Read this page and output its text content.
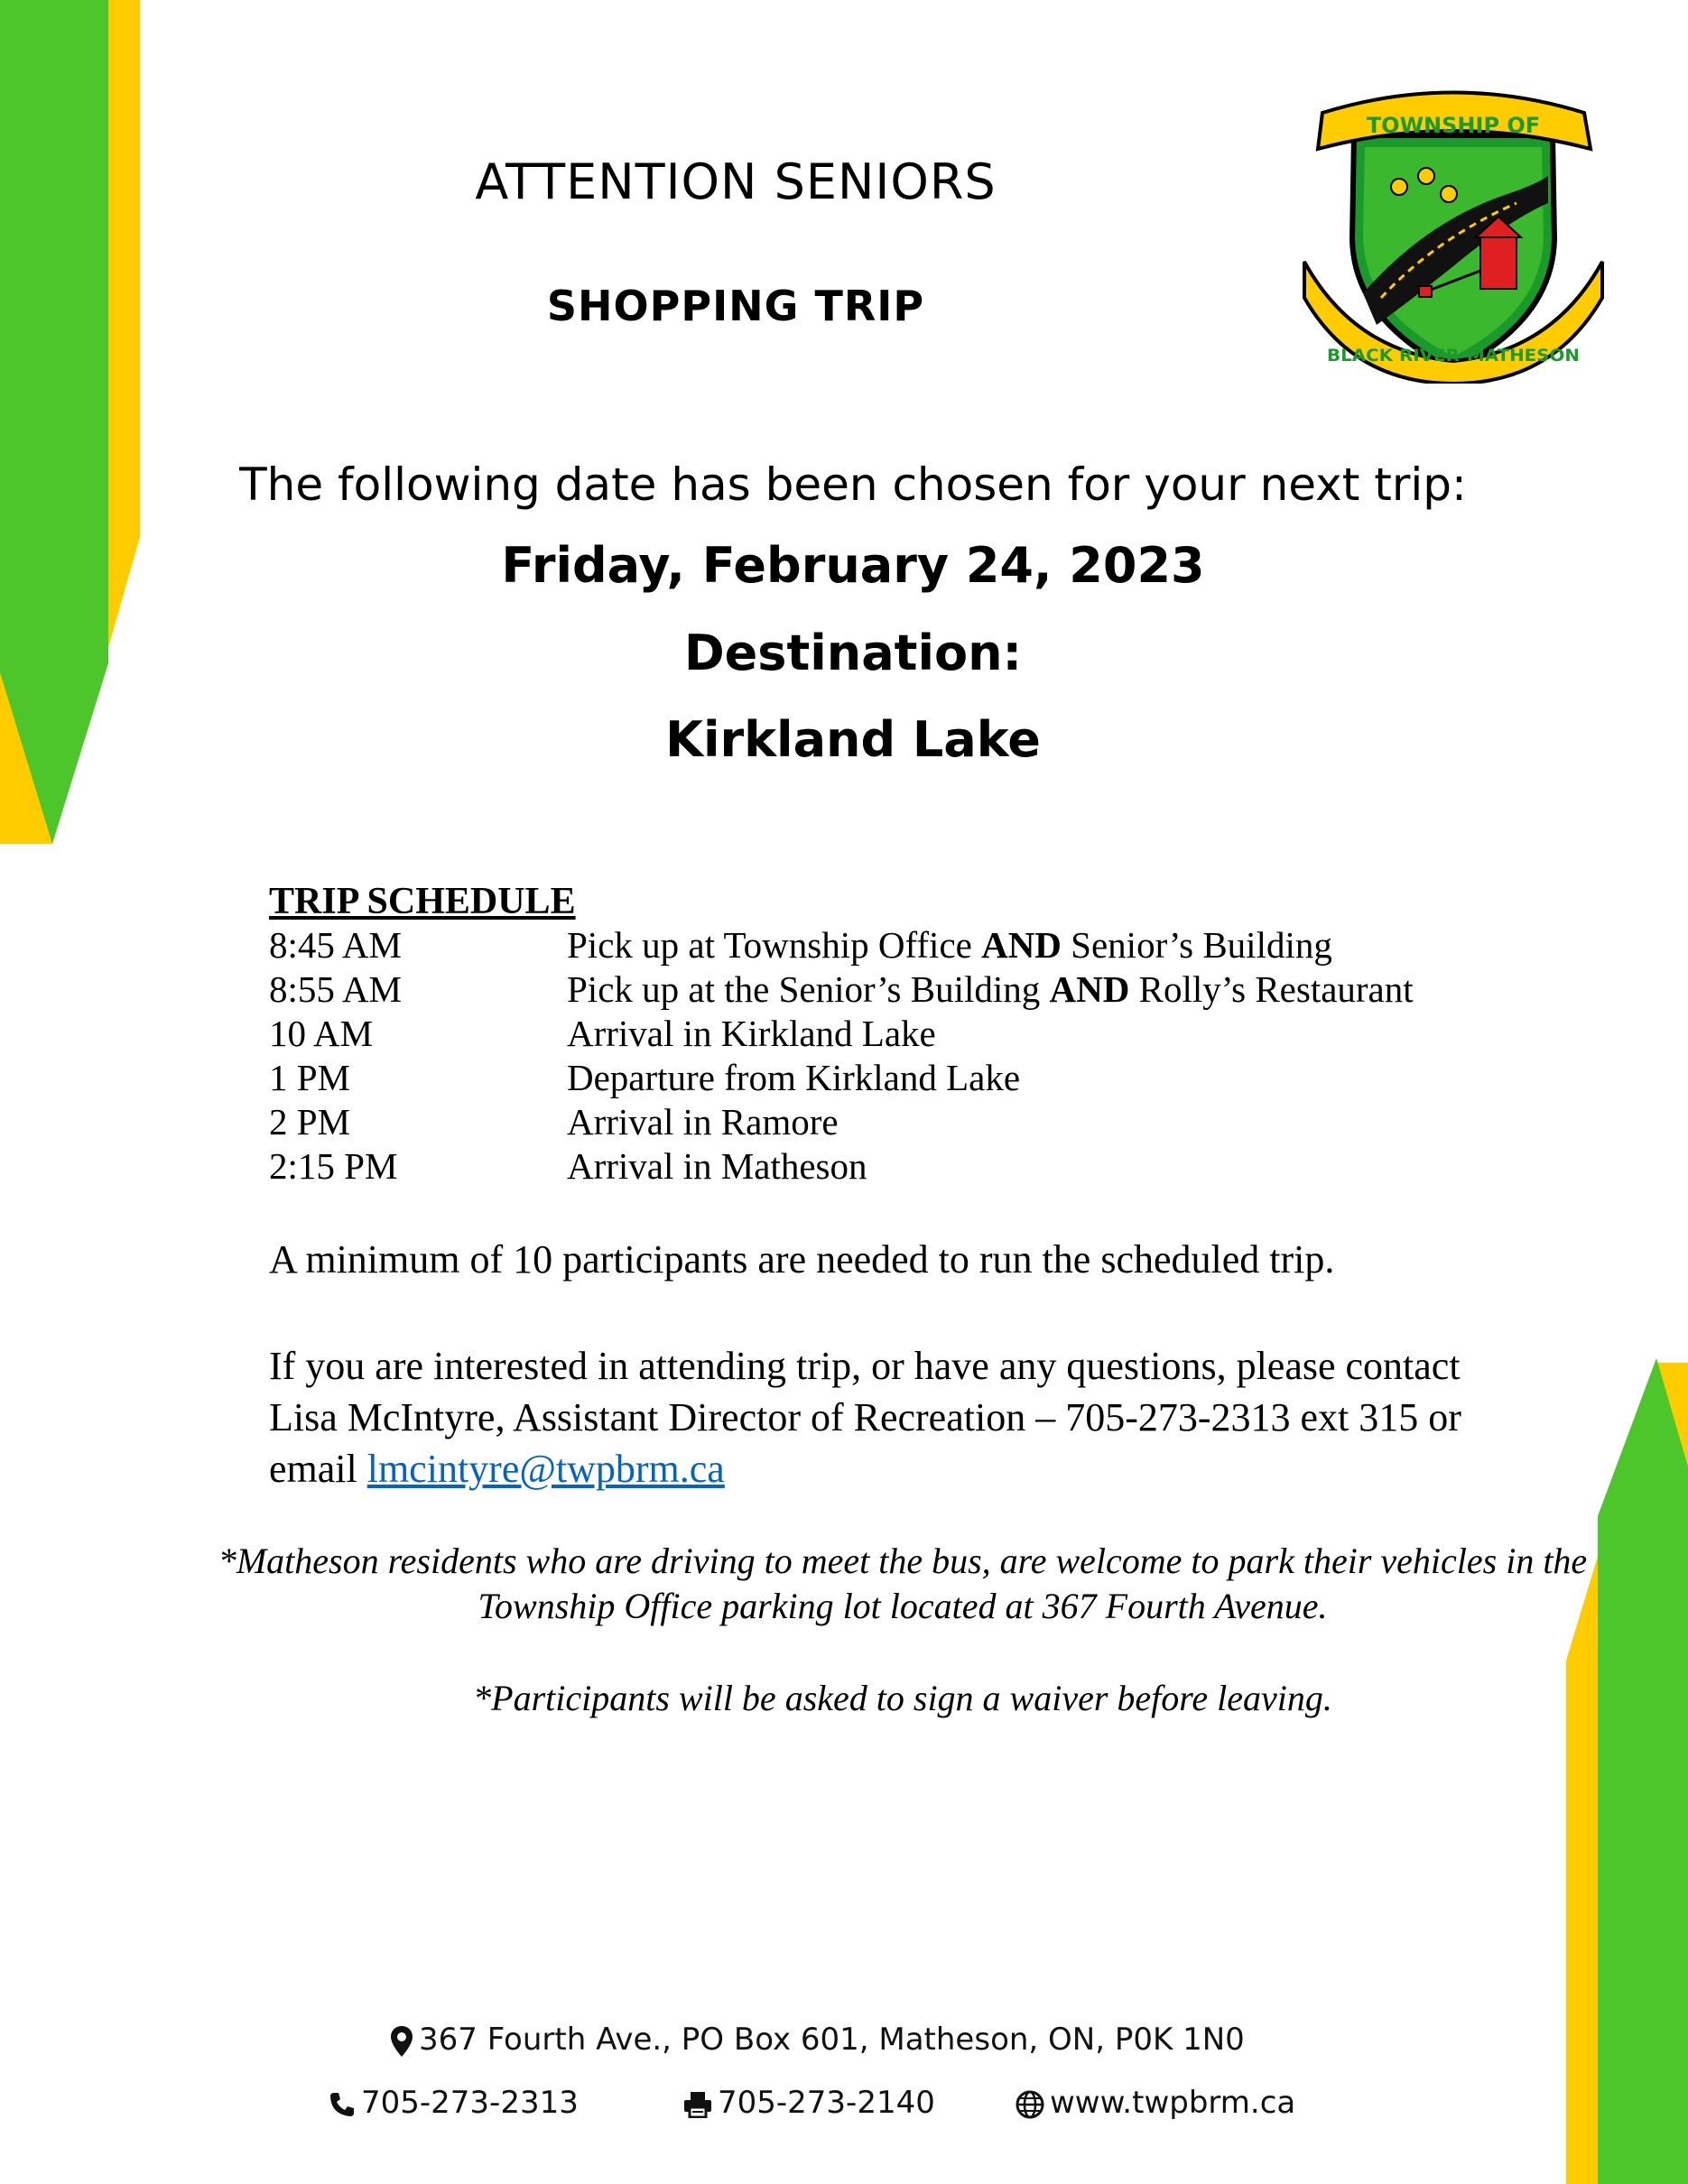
TOWNSHIP OF
BLACK RIVER-MATHESON
ATTENTION SENIORS
SHOPPING TRIP
The following date has been chosen for your next trip:
Friday, February 24, 2023
Destination:
Kirkland Lake
TRIP SCHEDULE
8:45 AM	Pick up at Township Office AND Senior’s Building
8:55 AM	Pick up at the Senior’s Building AND Rolly’s Restaurant
10 AM	Arrival in Kirkland Lake
1 PM	Departure from Kirkland Lake
2 PM	Arrival in Ramore
2:15 PM	Arrival in Matheson
A minimum of 10 participants are needed to run the scheduled trip.
If you are interested in attending trip, or have any questions, please contact Lisa McIntyre, Assistant Director of Recreation – 705-273-2313 ext 315 or email lmcintyre@twpbrm.ca
*Matheson residents who are driving to meet the bus, are welcome to park their vehicles in the Township Office parking lot located at 367 Fourth Avenue.
*Participants will be asked to sign a waiver before leaving.
367 Fourth Ave., PO Box 601, Matheson, ON, P0K 1N0
705-273-2313	705-273-2140	www.twpbrm.ca
